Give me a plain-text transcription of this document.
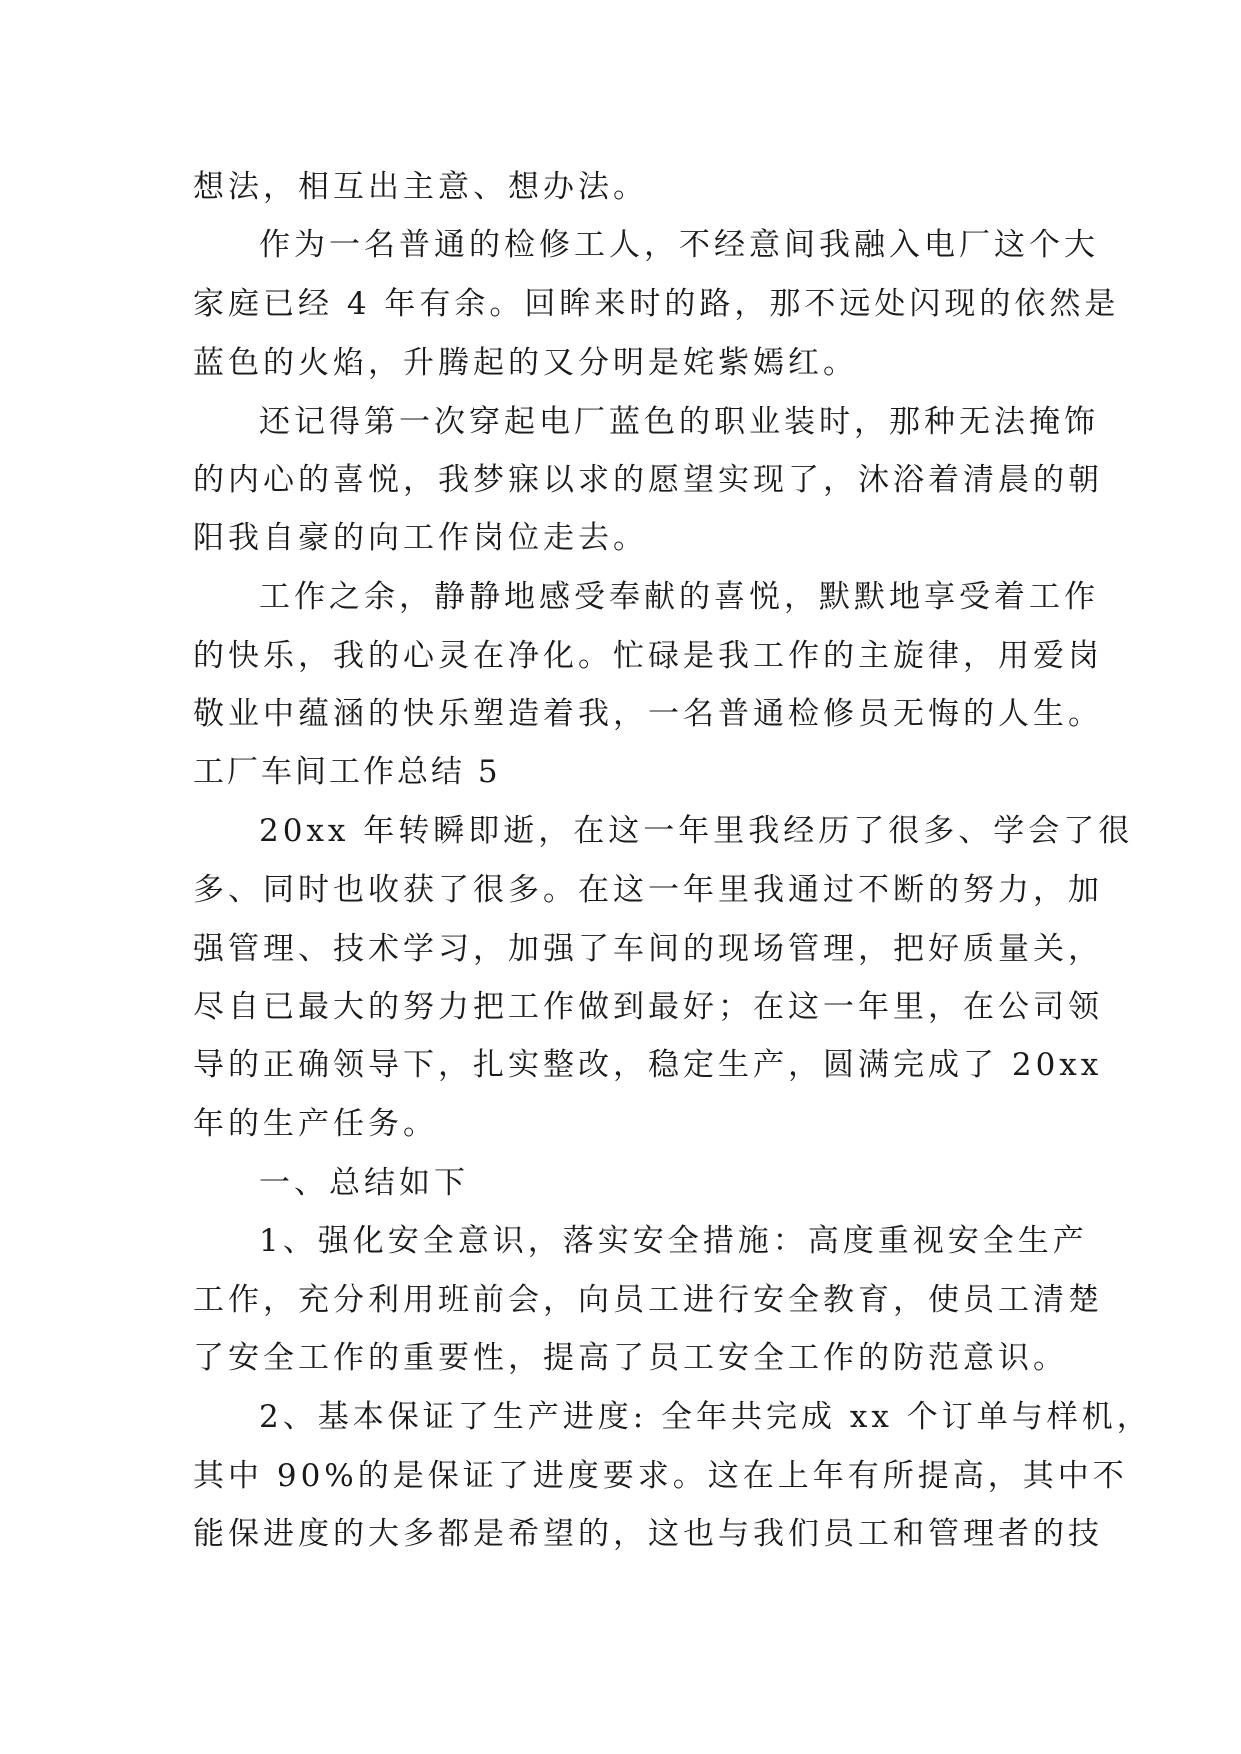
想法，相互出主意、想办法。
作为一名普通的检修工人，不经意间我融入电厂这个大
家庭已经 4 年有余。回眸来时的路，那不远处闪现的依然是
蓝色的火焰，升腾起的又分明是姹紫嫣红。
还记得第一次穿起电厂蓝色的职业装时，那种无法掩饰
的内心的喜悦，我梦寐以求的愿望实现了，沐浴着清晨的朝
阳我自豪的向工作岗位走去。
工作之余，静静地感受奉献的喜悦，默默地享受着工作
的快乐，我的心灵在净化。忙碌是我工作的主旋律，用爱岗
敬业中蕴涵的快乐塑造着我，一名普通检修员无悔的人生。
工厂车间工作总结 5
20xx 年转瞬即逝，在这一年里我经历了很多、学会了很
多、同时也收获了很多。在这一年里我通过不断的努力，加
强管理、技术学习，加强了车间的现场管理，把好质量关，
尽自已最大的努力把工作做到最好；在这一年里，在公司领
导的正确领导下，扎实整改，稳定生产，圆满完成了 20xx
年的生产任务。
一、总结如下
1、强化安全意识，落实安全措施：高度重视安全生产
工作，充分利用班前会，向员工进行安全教育，使员工清楚
了安全工作的重要性，提高了员工安全工作的防范意识。
2、基本保证了生产进度: 全年共完成 xx 个订单与样机，
其中 90%的是保证了进度要求。这在上年有所提高，其中不
能保进度的大多都是希望的，这也与我们员工和管理者的技
